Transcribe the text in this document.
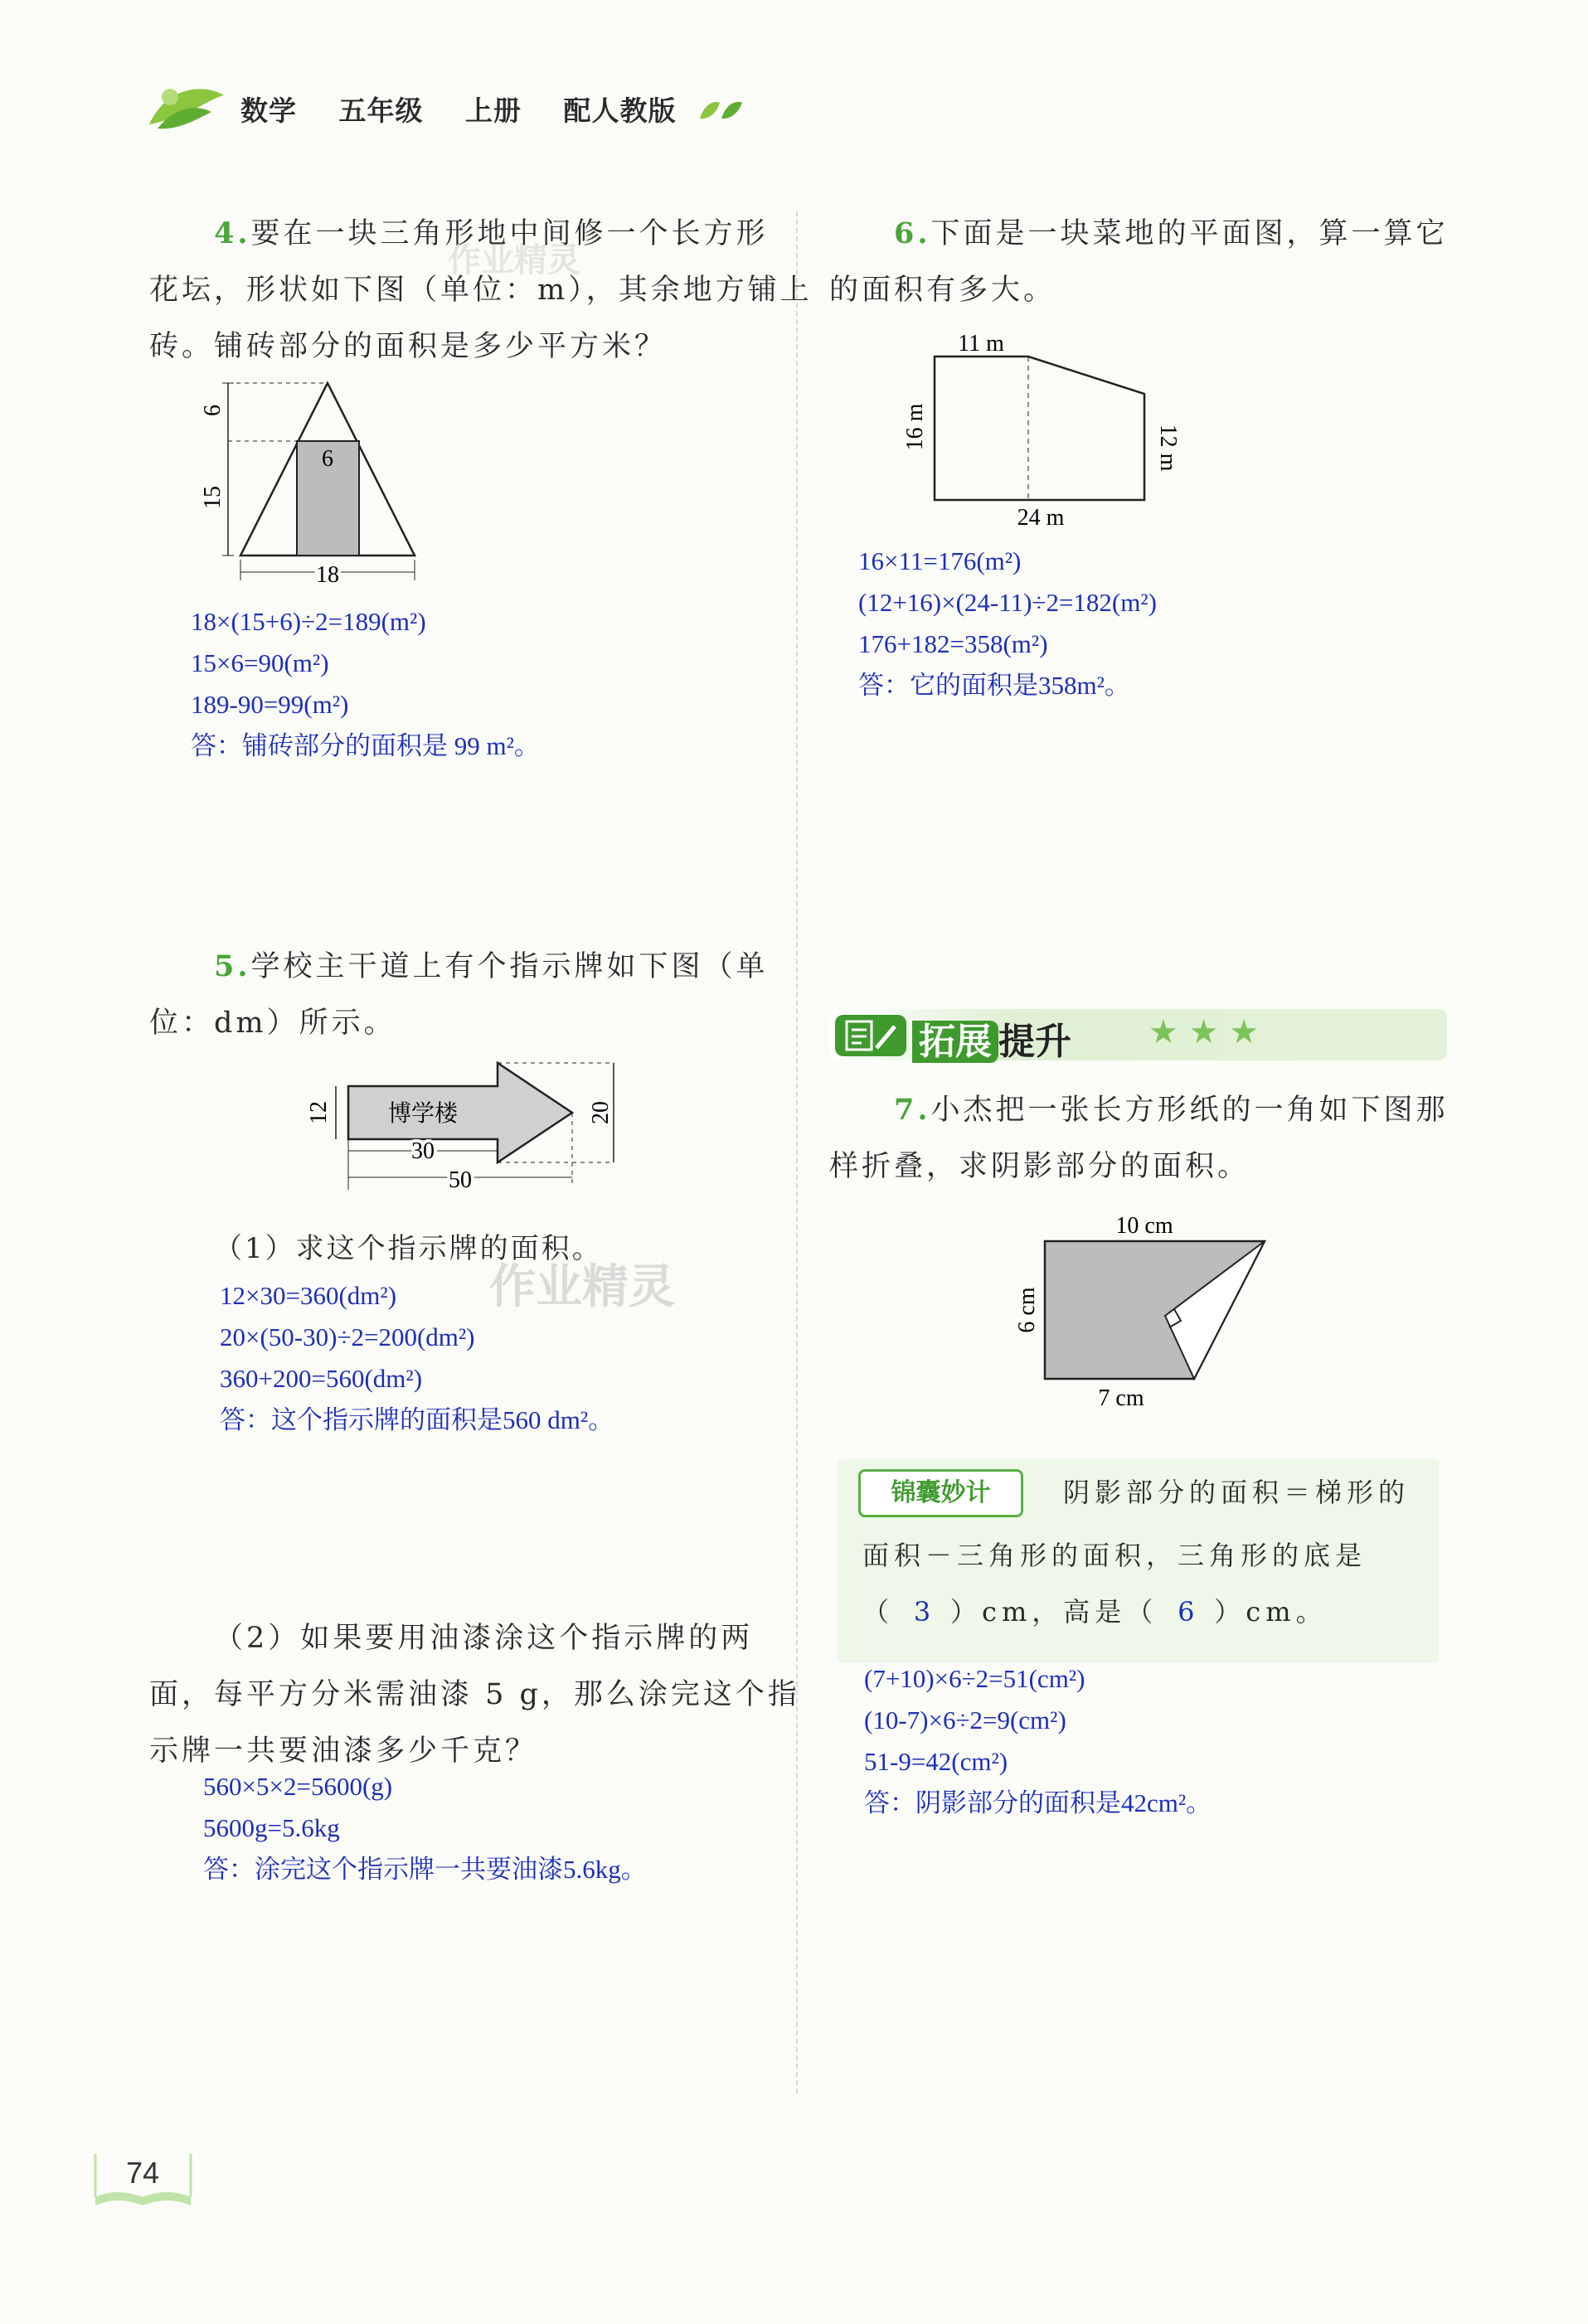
数学 五年级 上册 配人教版
4.要在一块三角形地中间修一个长方形
花坛，形状如下图（单位：m），其余地方铺上
砖。铺砖部分的面积是多少平方米？
作业精灵
6
15
6
18
18×(15+6)÷2=189(m²)
15×6=90(m²)
189-90=99(m²)
答：铺砖部分的面积是 99 m²。
5.学校主干道上有个指示牌如下图（单
位：dm）所示。
博学楼
12	20
30
50
（1）求这个指示牌的面积。
作业精灵
12×30=360(dm²)
20×(50-30)÷2=200(dm²)
360+200=560(dm²)
答：这个指示牌的面积是560 dm²。
（2）如果要用油漆涂这个指示牌的两
面，每平方分米需油漆 5 g，那么涂完这个指
示牌一共要油漆多少千克？
560×5×2=5600(g)
5600g=5.6kg
答：涂完这个指示牌一共要油漆5.6kg。
6.下面是一块菜地的平面图，算一算它
的面积有多大。
11 m
16 m	12 m
24 m
16×11=176(m²)
(12+16)×(24-11)÷2=182(m²)
176+182=358(m²)
答：它的面积是358m²。
拓展 提升 ★ ★ ★
7.小杰把一张长方形纸的一角如下图那
样折叠，求阴影部分的面积。
10 cm
6 cm
7 cm
锦囊妙计	阴影部分的面积＝梯形的
面积－三角形的面积，三角形的底是
（ 3 ）cm，高是（ 6 ）cm。
(7+10)×6÷2=51(cm²)
(10-7)×6÷2=9(cm²)
51-9=42(cm²)
答：阴影部分的面积是42cm²。
74
